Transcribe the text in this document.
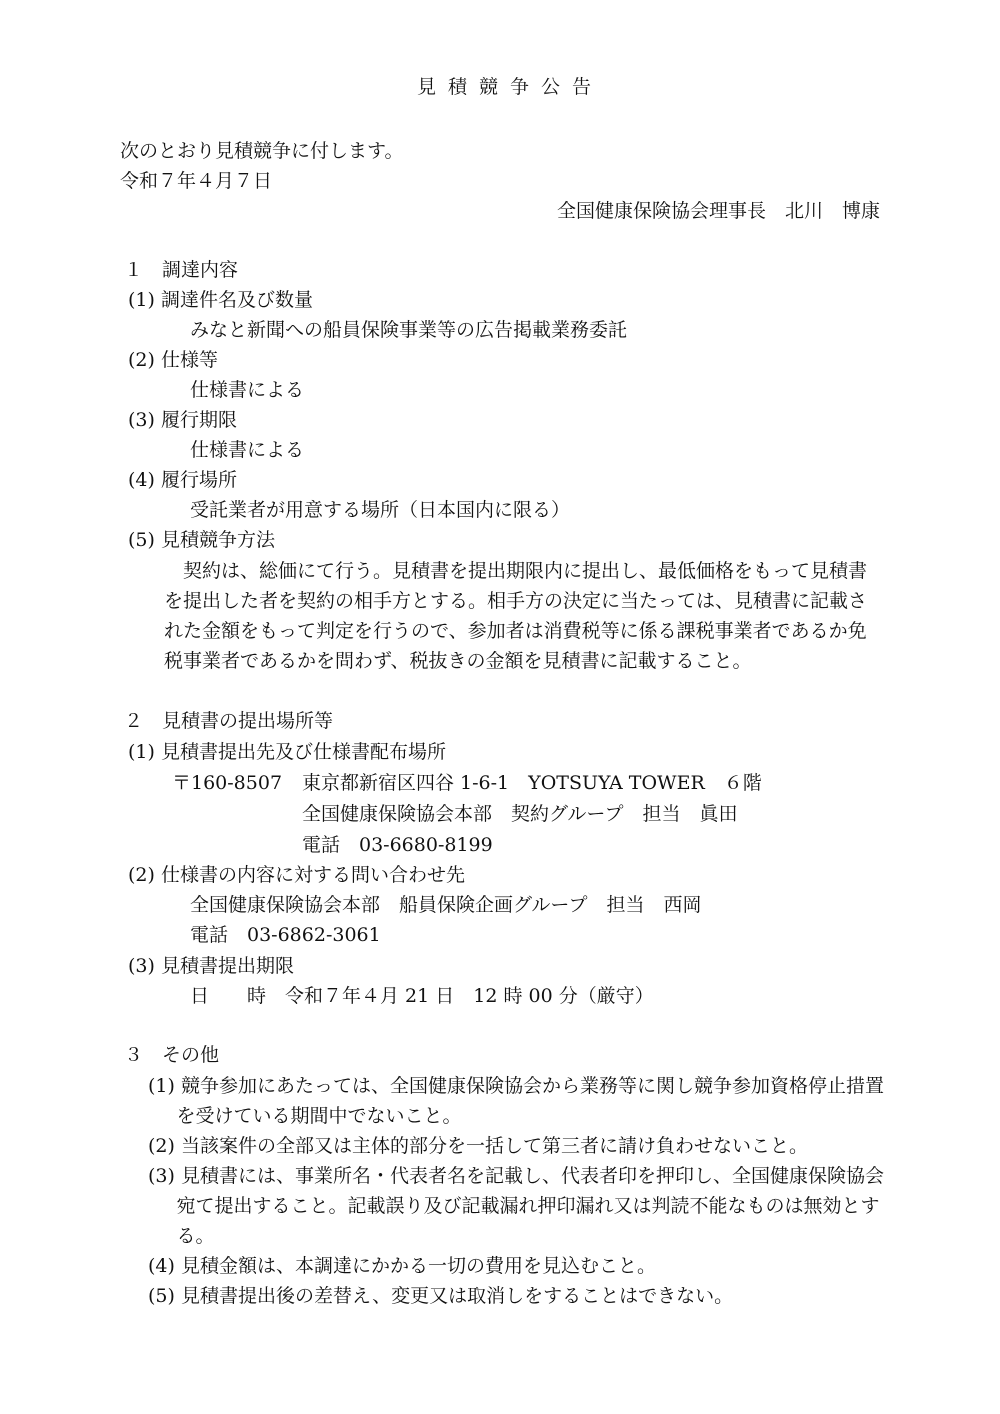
見積競争公告
次のとおり見積競争に付します。
令和７年４月７日
全国健康保険協会理事長　北川　博康
１　調達内容
(1) 調達件名及び数量
みなと新聞への船員保険事業等の広告掲載業務委託
(2) 仕様等
仕様書による
(3) 履行期限
仕様書による
(4) 履行場所
受託業者が用意する場所（日本国内に限る）
(5) 見積競争方法
契約は、総価にて行う。見積書を提出期限内に提出し、最低価格をもって見積書を提出した者を契約の相手方とする。相手方の決定に当たっては、見積書に記載された金額をもって判定を行うので、参加者は消費税等に係る課税事業者であるか免税事業者であるかを問わず、税抜きの金額を見積書に記載すること。
２　見積書の提出場所等
(1) 見積書提出先及び仕様書配布場所
〒160-8507 東京都新宿区四谷 1-6-1　YOTSUYA TOWER　６階
全国健康保険協会本部　契約グループ　担当　眞田
電話　03-6680-8199
(2) 仕様書の内容に対する問い合わせ先
全国健康保険協会本部　船員保険企画グループ　担当　西岡
電話　03-6862-3061
(3) 見積書提出期限
日　　時　令和７年４月 21 日　12 時 00 分（厳守）
３　その他
(1) 競争参加にあたっては、全国健康保険協会から業務等に関し競争参加資格停止措置を受けている期間中でないこと。
(2) 当該案件の全部又は主体的部分を一括して第三者に請け負わせないこと。
(3) 見積書には、事業所名・代表者名を記載し、代表者印を押印し、全国健康保険協会宛て提出すること。記載誤り及び記載漏れ押印漏れ又は判読不能なものは無効とする。
(4) 見積金額は、本調達にかかる一切の費用を見込むこと。
(5) 見積書提出後の差替え、変更又は取消しをすることはできない。
